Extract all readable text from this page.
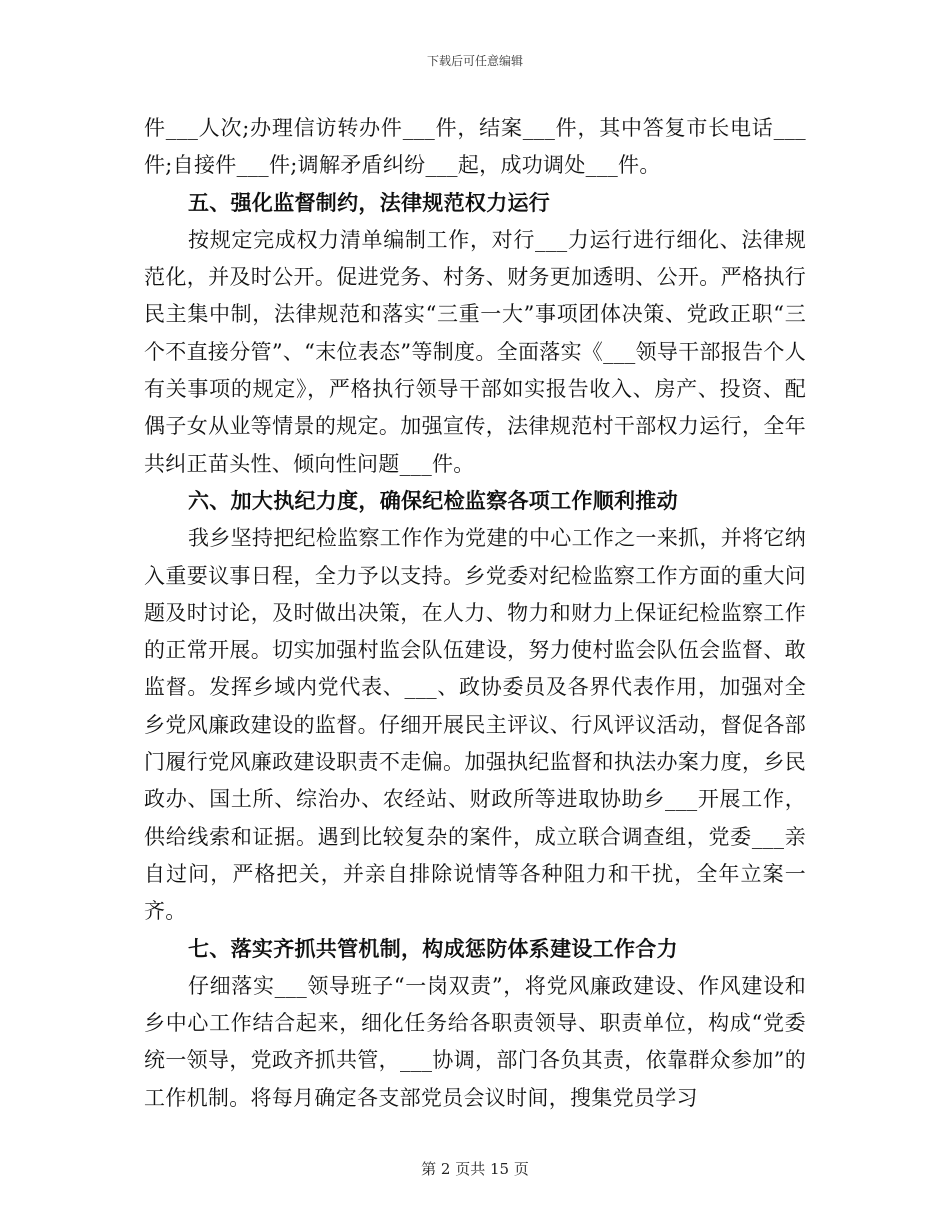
下载后可任意编辑

件___人次;办理信访转办件___件，结案___件，其中答复市长电话___件;自接件___件;调解矛盾纠纷___起，成功调处___件。

五、强化监督制约，法律规范权力运行

按规定完成权力清单编制工作，对行___力运行进行细化、法律规范化，并及时公开。促进党务、村务、财务更加透明、公开。严格执行民主集中制，法律规范和落实“三重一大”事项团体决策、党政正职“三个不直接分管”、“末位表态”等制度。全面落实《___领导干部报告个人有关事项的规定》，严格执行领导干部如实报告收入、房产、投资、配偶子女从业等情景的规定。加强宣传，法律规范村干部权力运行，全年共纠正苗头性、倾向性问题___件。

六、加大执纪力度，确保纪检监察各项工作顺利推动

我乡坚持把纪检监察工作作为党建的中心工作之一来抓，并将它纳入重要议事日程，全力予以支持。乡党委对纪检监察工作方面的重大问题及时讨论，及时做出决策，在人力、物力和财力上保证纪检监察工作的正常开展。切实加强村监会队伍建设，努力使村监会队伍会监督、敢监督。发挥乡域内党代表、___、政协委员及各界代表作用，加强对全乡党风廉政建设的监督。仔细开展民主评议、行风评议活动，督促各部门履行党风廉政建设职责不走偏。加强执纪监督和执法办案力度，乡民政办、国土所、综治办、农经站、财政所等进取协助乡___开展工作，供给线索和证据。遇到比较复杂的案件，成立联合调查组，党委___亲自过问，严格把关，并亲自排除说情等各种阻力和干扰，全年立案一齐。

七、落实齐抓共管机制，构成惩防体系建设工作合力

仔细落实___领导班子“一岗双责”，将党风廉政建设、作风建设和乡中心工作结合起来，细化任务给各职责领导、职责单位，构成“党委统一领导，党政齐抓共管，___协调，部门各负其责，依靠群众参加”的工作机制。将每月确定各支部党员会议时间，搜集党员学习

第 2 页共 15 页
